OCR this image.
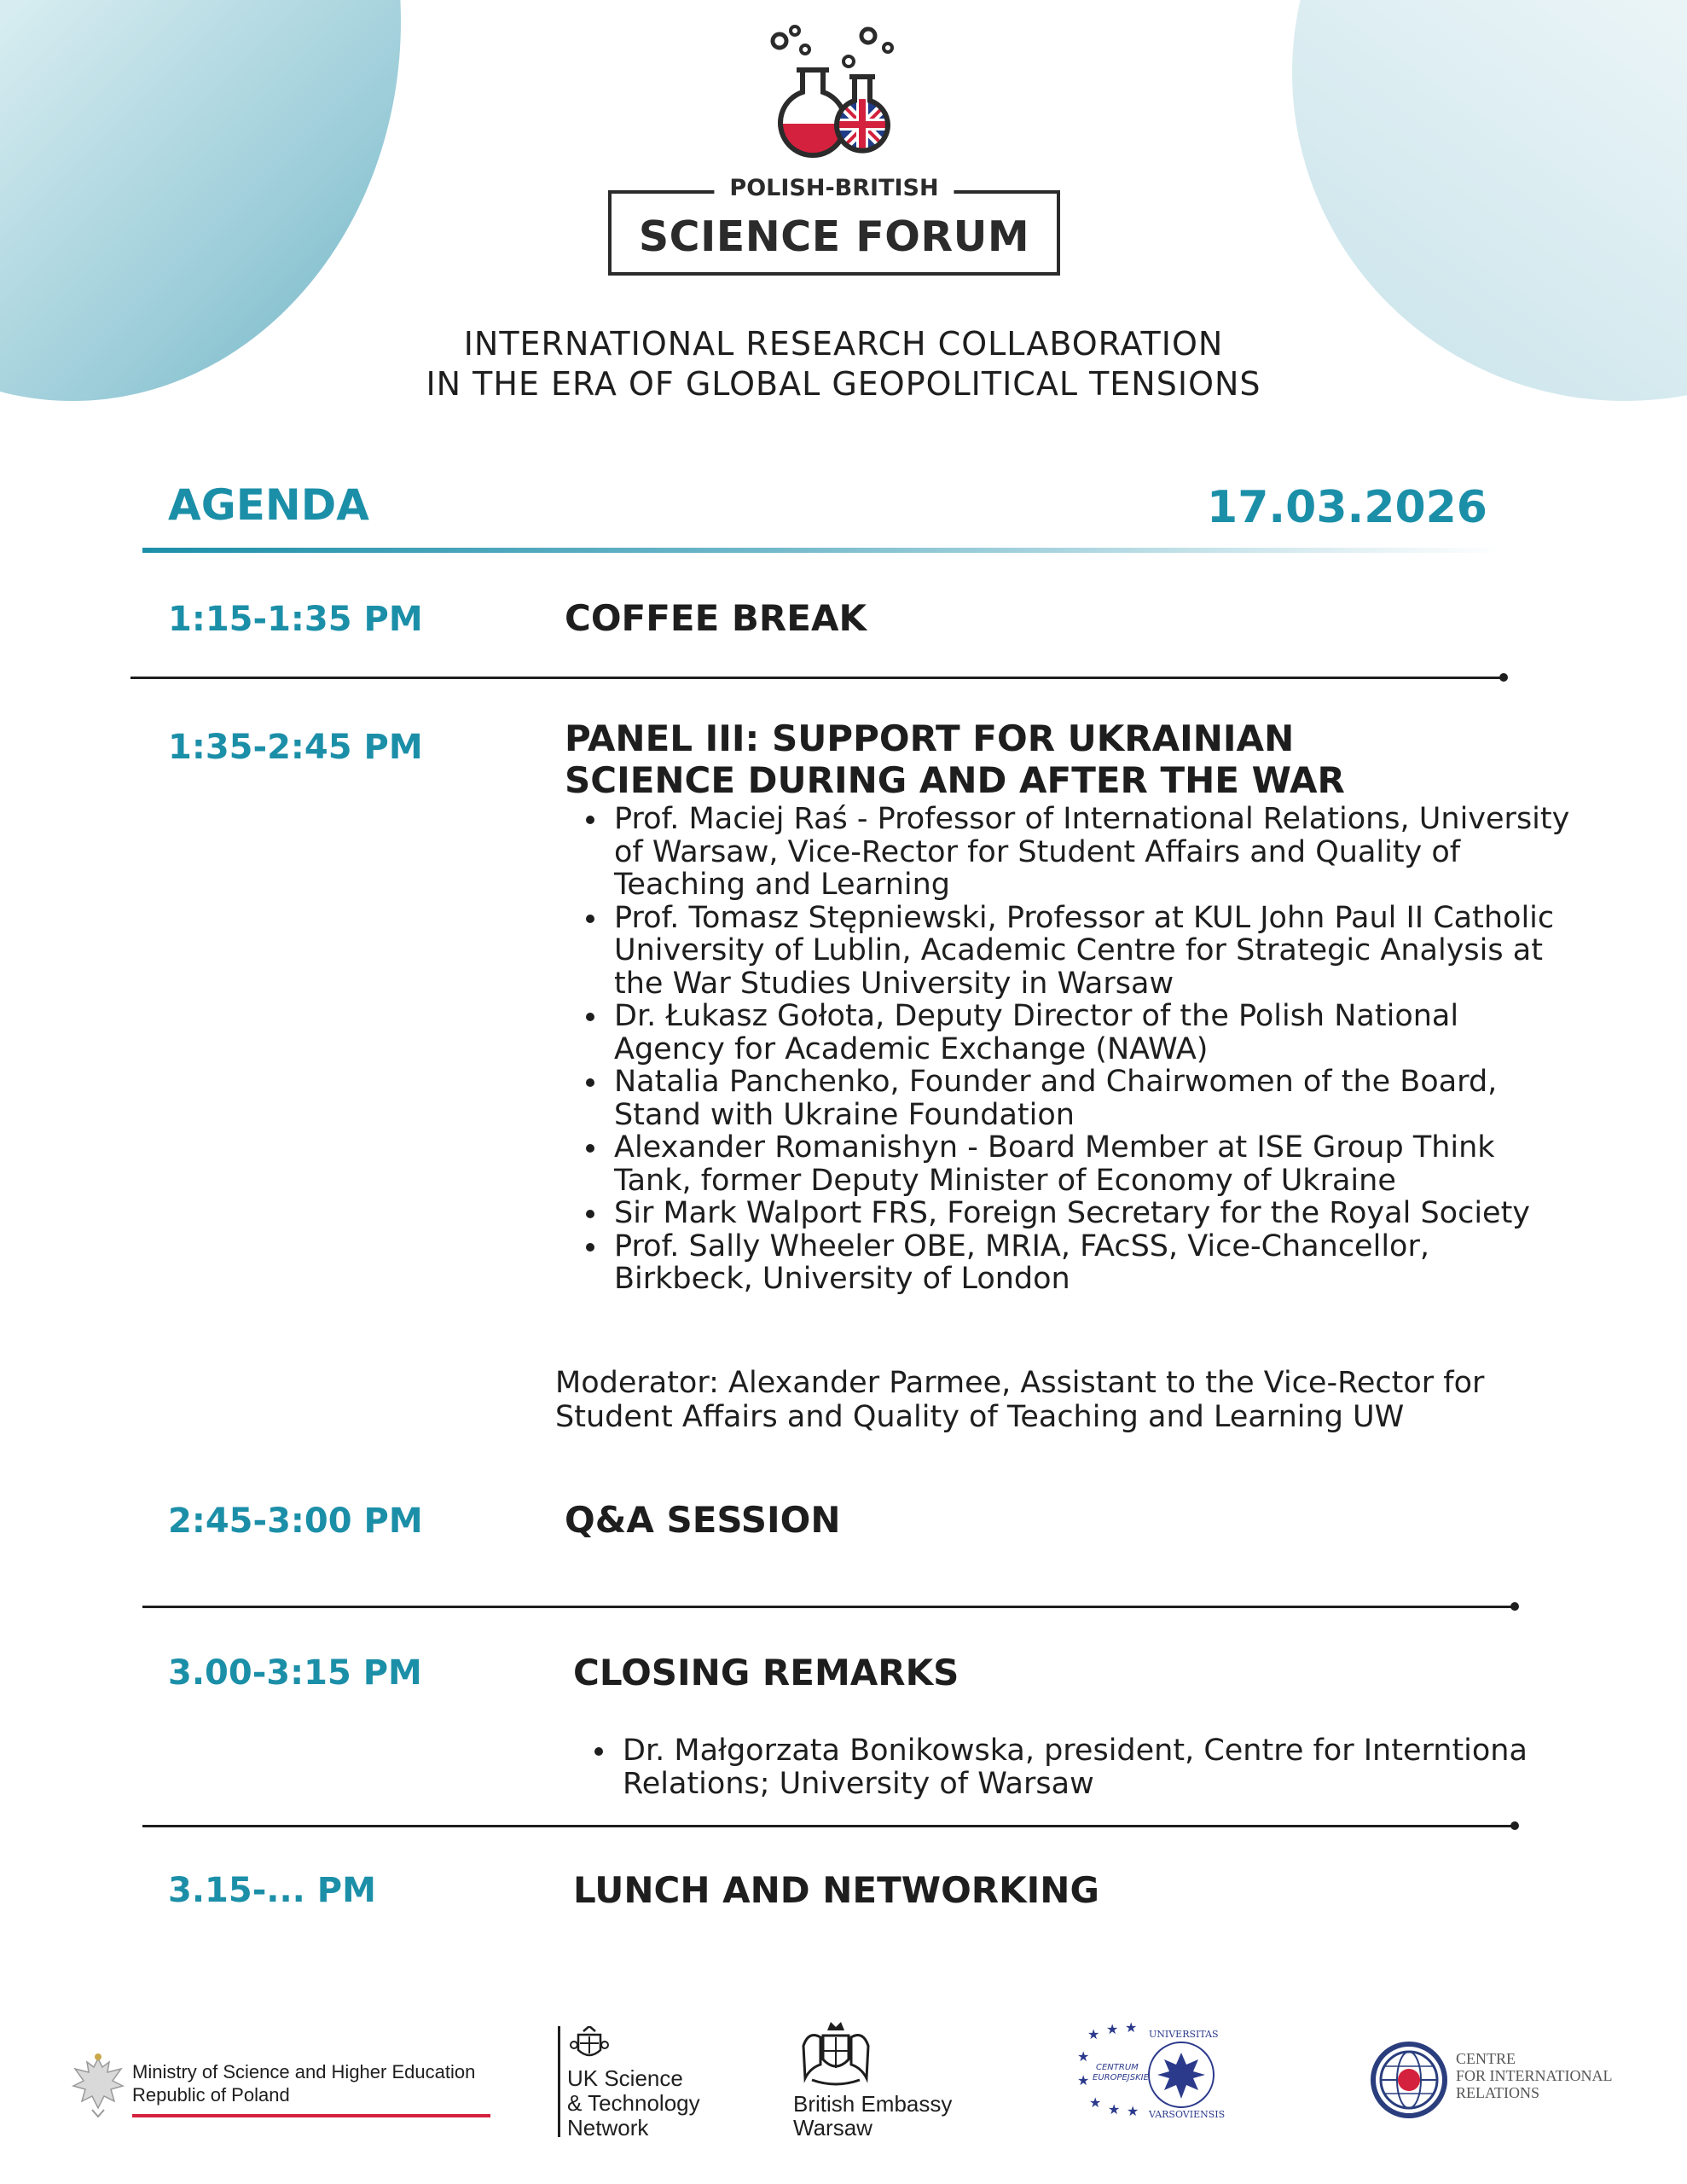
POLISH-BRITISH
SCIENCE FORUM
INTERNATIONAL RESEARCH COLLABORATION
IN THE ERA OF GLOBAL GEOPOLITICAL TENSIONS
AGENDA	17.03.2026
1:15-1:35 PM	COFFEE BREAK
1:35-2:45 PM	PANEL III: SUPPORT FOR UKRAINIAN
SCIENCE DURING AND AFTER THE WAR
• Prof. Maciej Raś - Professor of International Relations, University of Warsaw, Vice-Rector for Student Affairs and Quality of Teaching and Learning
• Prof. Tomasz Stępniewski, Professor at KUL John Paul II Catholic University of Lublin, Academic Centre for Strategic Analysis at the War Studies University in Warsaw
• Dr. Łukasz Gołota, Deputy Director of the Polish National Agency for Academic Exchange (NAWA)
• Natalia Panchenko, Founder and Chairwomen of the Board, Stand with Ukraine Foundation
• Alexander Romanishyn - Board Member at ISE Group Think Tank, former Deputy Minister of Economy of Ukraine
• Sir Mark Walport FRS, Foreign Secretary for the Royal Society
• Prof. Sally Wheeler OBE, MRIA, FAcSS, Vice-Chancellor, Birkbeck, University of London
Moderator: Alexander Parmee, Assistant to the Vice-Rector for Student Affairs and Quality of Teaching and Learning UW
2:45-3:00 PM	Q&A SESSION
3.00-3:15 PM	CLOSING REMARKS
• Dr. Małgorzata Bonikowska, president, Centre for Interntiona Relations; University of Warsaw
3.15-... PM	LUNCH AND NETWORKING
Ministry of Science and Higher Education
Republic of Poland
UK Science
& Technology
Network
British Embassy
Warsaw
★ ★ ★
★
★
★ ★ ★
CENTRUM
EUROPEJSKIE
UNIVERSITAS
VARSOVIENSIS
CENTRE
FOR INTERNATIONAL
RELATIONS
